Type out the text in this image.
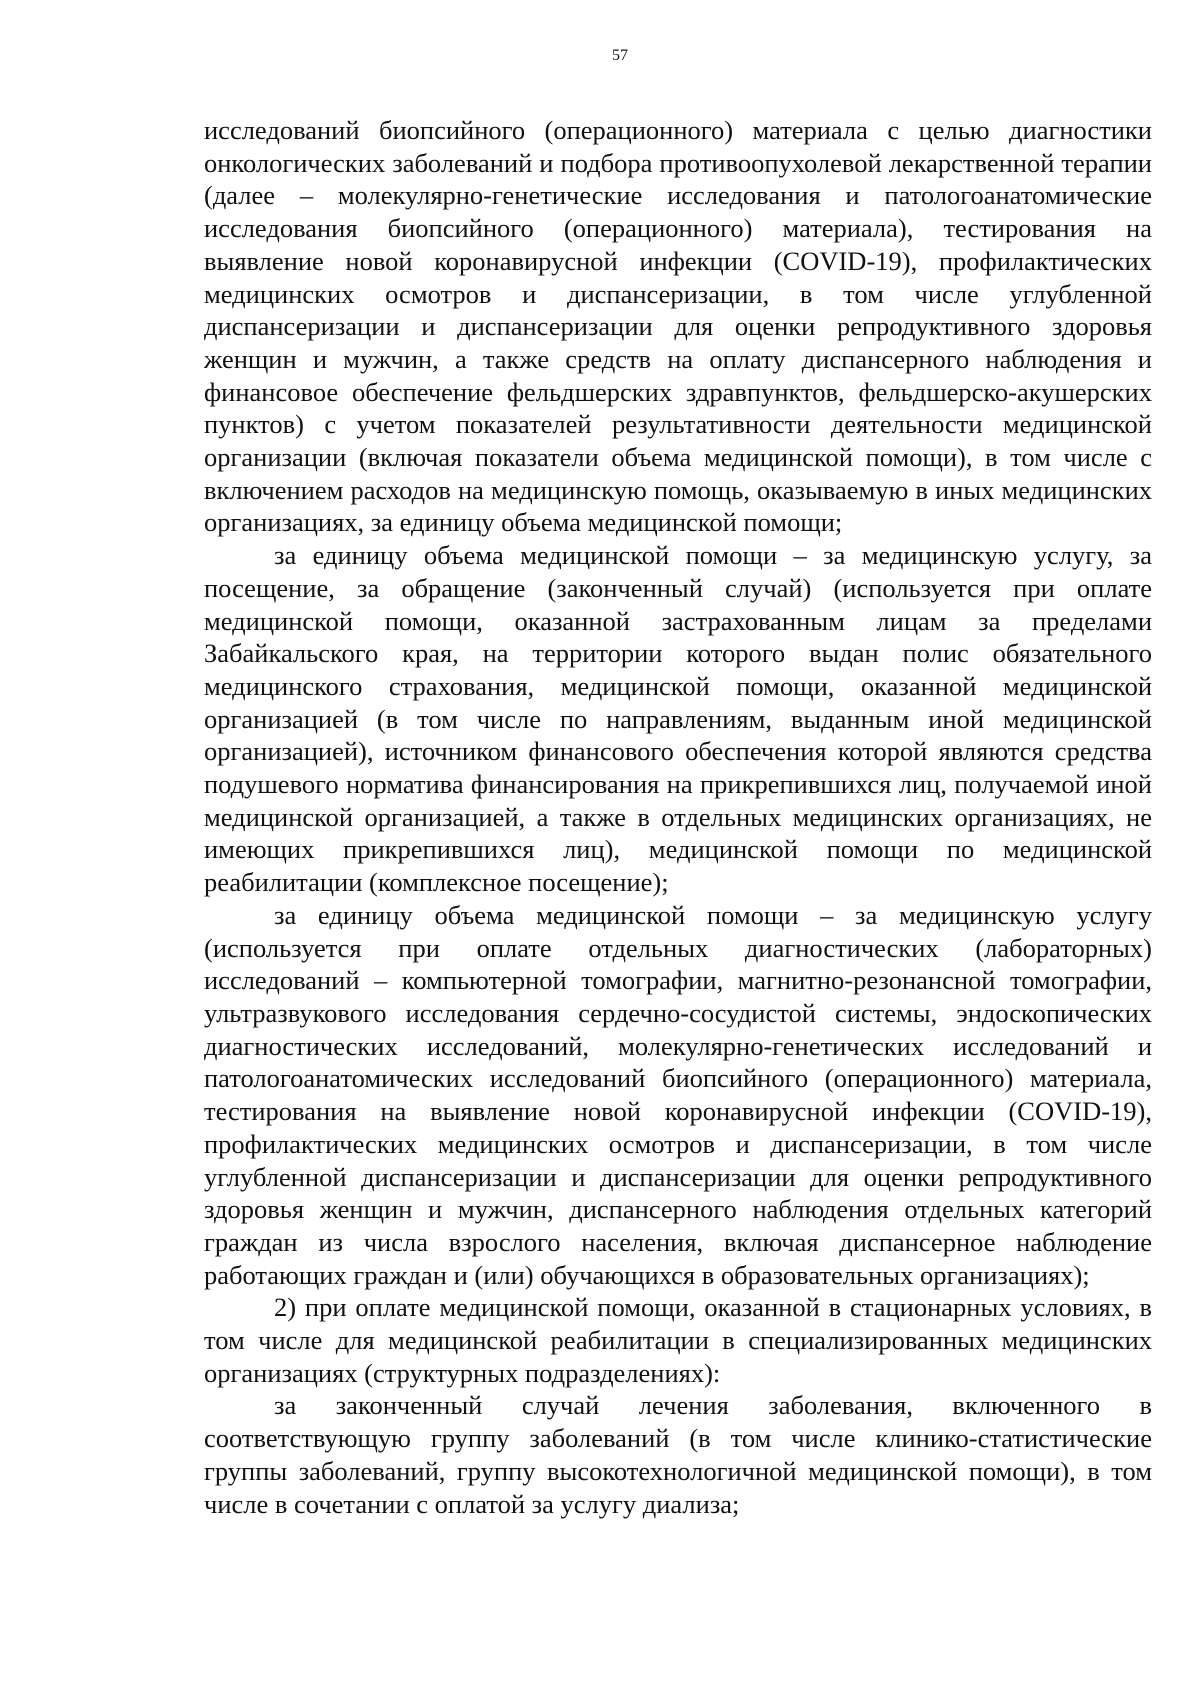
57

исследований биопсийного (операционного) материала с целью диагностики онкологических заболеваний и подбора противоопухолевой лекарственной терапии (далее – молекулярно-генетические исследования и патологоанатомические исследования биопсийного (операционного) материала), тестирования на выявление новой коронавирусной инфекции (COVID-19), профилактических медицинских осмотров и диспансеризации, в том числе углубленной диспансеризации и диспансеризации для оценки репродуктивного здоровья женщин и мужчин, а также средств на оплату диспансерного наблюдения и финансовое обеспечение фельдшерских здравпунктов, фельдшерско-акушерских пунктов) с учетом показателей результативности деятельности медицинской организации (включая показатели объема медицинской помощи), в том числе с включением расходов на медицинскую помощь, оказываемую в иных медицинских организациях, за единицу объема медицинской помощи;

за единицу объема медицинской помощи – за медицинскую услугу, за посещение, за обращение (законченный случай) (используется при оплате медицинской помощи, оказанной застрахованным лицам за пределами Забайкальского края, на территории которого выдан полис обязательного медицинского страхования, медицинской помощи, оказанной медицинской организацией (в том числе по направлениям, выданным иной медицинской организацией), источником финансового обеспечения которой являются средства подушевого норматива финансирования на прикрепившихся лиц, получаемой иной медицинской организацией, а также в отдельных медицинских организациях, не имеющих прикрепившихся лиц), медицинской помощи по медицинской реабилитации (комплексное посещение);

за единицу объема медицинской помощи – за медицинскую услугу (используется при оплате отдельных диагностических (лабораторных) исследований – компьютерной томографии, магнитно-резонансной томографии, ультразвукового исследования сердечно-сосудистой системы, эндоскопических диагностических исследований, молекулярно-генетических исследований и патологоанатомических исследований биопсийного (операционного) материала, тестирования на выявление новой коронавирусной инфекции (COVID-19), профилактических медицинских осмотров и диспансеризации, в том числе углубленной диспансеризации и диспансеризации для оценки репродуктивного здоровья женщин и мужчин, диспансерного наблюдения отдельных категорий граждан из числа взрослого населения, включая диспансерное наблюдение работающих граждан и (или) обучающихся в образовательных организациях);

2) при оплате медицинской помощи, оказанной в стационарных условиях, в том числе для медицинской реабилитации в специализированных медицинских организациях (структурных подразделениях):

за законченный случай лечения заболевания, включенного в соответствующую группу заболеваний (в том числе клинико-статистические группы заболеваний, группу высокотехнологичной медицинской помощи), в том числе в сочетании с оплатой за услугу диализа;
